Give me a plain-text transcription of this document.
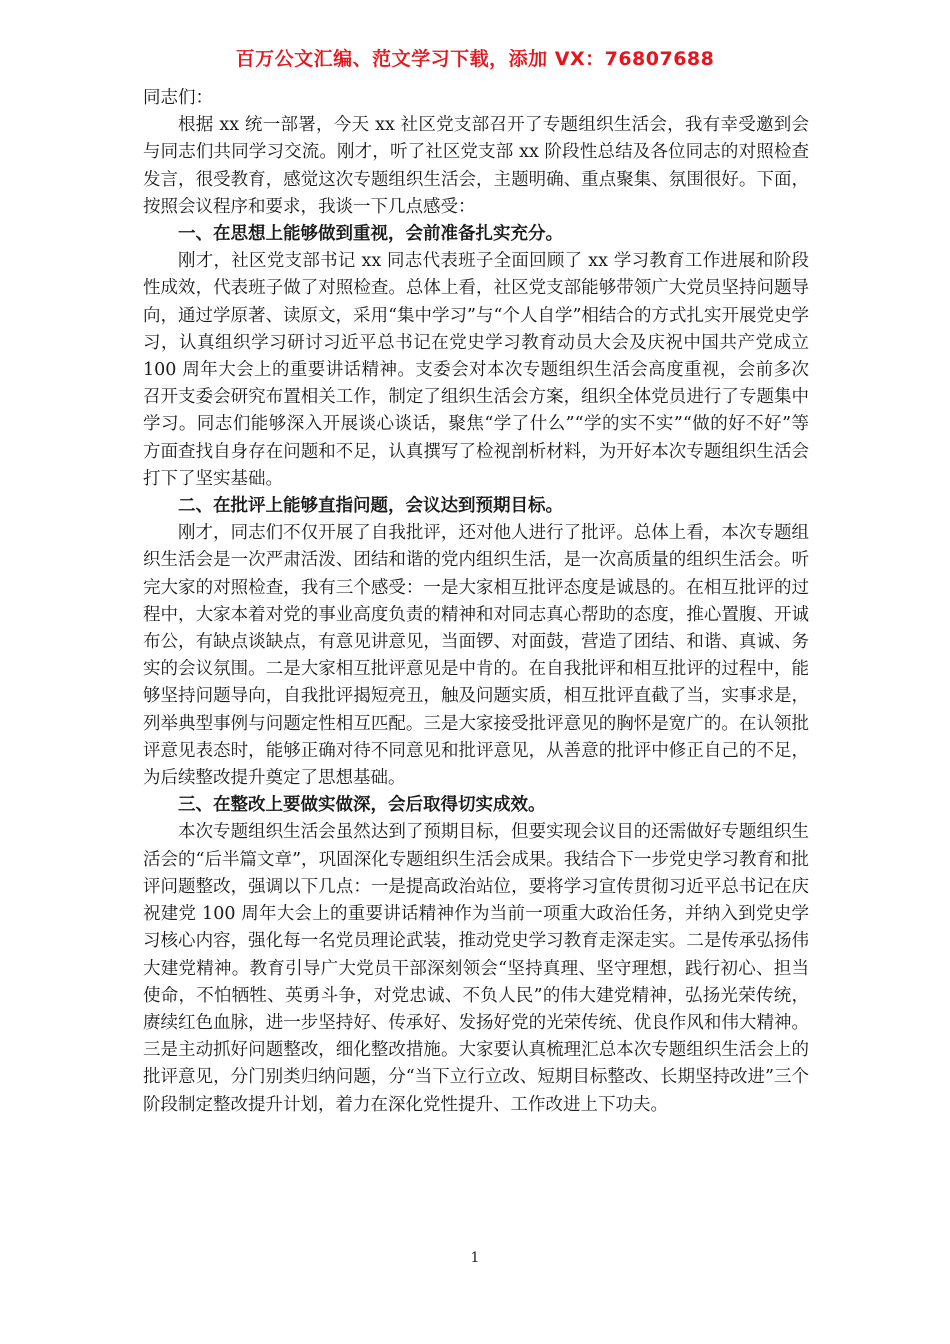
百万公文汇编、范文学习下载，添加 VX：76807688

同志们：

根据 xx 统一部署，今天 xx 社区党支部召开了专题组织生活会，我有幸受邀到会与同志们共同学习交流。刚才，听了社区党支部 xx 阶段性总结及各位同志的对照检查发言，很受教育，感觉这次专题组织生活会，主题明确、重点聚集、氛围很好。下面，按照会议程序和要求，我谈一下几点感受：

一、在思想上能够做到重视，会前准备扎实充分。

刚才，社区党支部书记 xx 同志代表班子全面回顾了 xx 学习教育工作进展和阶段性成效，代表班子做了对照检查。总体上看，社区党支部能够带领广大党员坚持问题导向，通过学原著、读原文，采用“集中学习”与“个人自学”相结合的方式扎实开展党史学习，认真组织学习研讨习近平总书记在党史学习教育动员大会及庆祝中国共产党成立 100 周年大会上的重要讲话精神。支委会对本次专题组织生活会高度重视，会前多次召开支委会研究布置相关工作，制定了组织生活会方案，组织全体党员进行了专题集中学习。同志们能够深入开展谈心谈话，聚焦“学了什么”“学的实不实”“做的好不好”等方面查找自身存在问题和不足，认真撰写了检视剖析材料，为开好本次专题组织生活会打下了坚实基础。

二、在批评上能够直指问题，会议达到预期目标。

刚才，同志们不仅开展了自我批评，还对他人进行了批评。总体上看，本次专题组织生活会是一次严肃活泼、团结和谐的党内组织生活，是一次高质量的组织生活会。听完大家的对照检查，我有三个感受：一是大家相互批评态度是诚恳的。在相互批评的过程中，大家本着对党的事业高度负责的精神和对同志真心帮助的态度，推心置腹、开诚布公，有缺点谈缺点，有意见讲意见，当面锣、对面鼓，营造了团结、和谐、真诚、务实的会议氛围。二是大家相互批评意见是中肯的。在自我批评和相互批评的过程中，能够坚持问题导向，自我批评揭短亮丑，触及问题实质，相互批评直截了当，实事求是，列举典型事例与问题定性相互匹配。三是大家接受批评意见的胸怀是宽广的。在认领批评意见表态时，能够正确对待不同意见和批评意见，从善意的批评中修正自己的不足，为后续整改提升奠定了思想基础。

三、在整改上要做实做深，会后取得切实成效。

本次专题组织生活会虽然达到了预期目标，但要实现会议目的还需做好专题组织生活会的“后半篇文章”，巩固深化专题组织生活会成果。我结合下一步党史学习教育和批评问题整改，强调以下几点：一是提高政治站位，要将学习宣传贯彻习近平总书记在庆祝建党 100 周年大会上的重要讲话精神作为当前一项重大政治任务，并纳入到党史学习核心内容，强化每一名党员理论武装，推动党史学习教育走深走实。二是传承弘扬伟大建党精神。教育引导广大党员干部深刻领会“坚持真理、坚守理想，践行初心、担当使命，不怕牺牲、英勇斗争，对党忠诚、不负人民”的伟大建党精神，弘扬光荣传统，赓续红色血脉，进一步坚持好、传承好、发扬好党的光荣传统、优良作风和伟大精神。三是主动抓好问题整改，细化整改措施。大家要认真梳理汇总本次专题组织生活会上的批评意见，分门别类归纳问题，分“当下立行立改、短期目标整改、长期坚持改进”三个阶段制定整改提升计划，着力在深化党性提升、工作改进上下功夫。

1
